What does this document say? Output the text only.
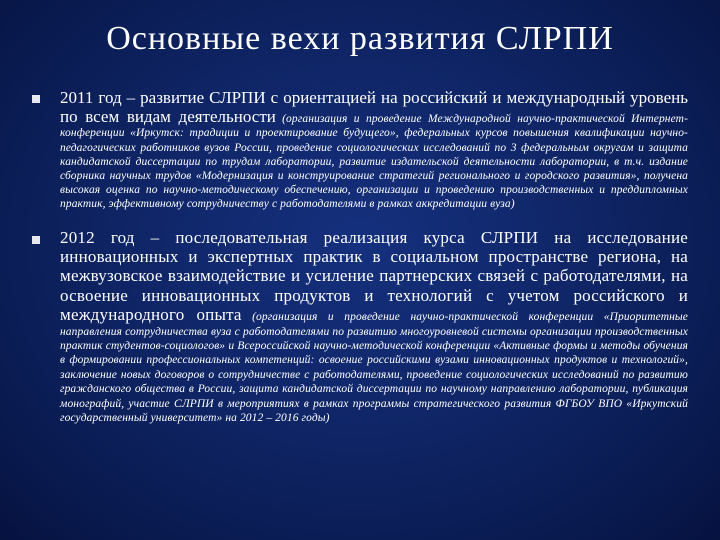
Основные вехи развития СЛРПИ
2011 год – развитие СЛРПИ с ориентацией на российский и международный уровень по всем видам деятельности (организация и проведение Международной научно-практической Интернет-конференции «Иркутск: традиции и проектирование будущего», федеральных курсов повышения квалификации научно-педагогических работников вузов России, проведение социологических исследований по 3 федеральным округам и защита кандидатской диссертации по трудам лаборатории, развитие издательской деятельности лаборатории, в т.ч. издание сборника научных трудов «Модернизация и конструирование стратегий регионального и городского развития», получена высокая оценка по научно-методическому обеспечению, организации и проведению производственных и преддипломных практик, эффективному сотрудничеству с работодателями в рамках аккредитации вуза)
2012 год – последовательная реализация курса СЛРПИ на исследование инновационных и экспертных практик в социальном пространстве региона, на межвузовское взаимодействие и усиление партнерских связей с работодателями, на освоение инновационных продуктов и технологий с учетом российского и международного опыта (организация и проведение научно-практической конференции «Приоритетные направления сотрудничества вуза с работодателями по развитию многоуровневой системы организации производственных практик студентов-социологов» и Всероссийской научно-методической конференции «Активные формы и методы обучения в формировании профессиональных компетенций: освоение российскими вузами инновационных продуктов и технологий», заключение новых договоров о сотрудничестве с работодателями, проведение социологических исследований по развитию гражданского общества в России, защита кандидатской диссертации по научному направлению лаборатории, публикация монографий, участие СЛРПИ в мероприятиях в рамках программы стратегического развития ФГБОУ ВПО «Иркутский государственный университет» на 2012 – 2016 годы)
